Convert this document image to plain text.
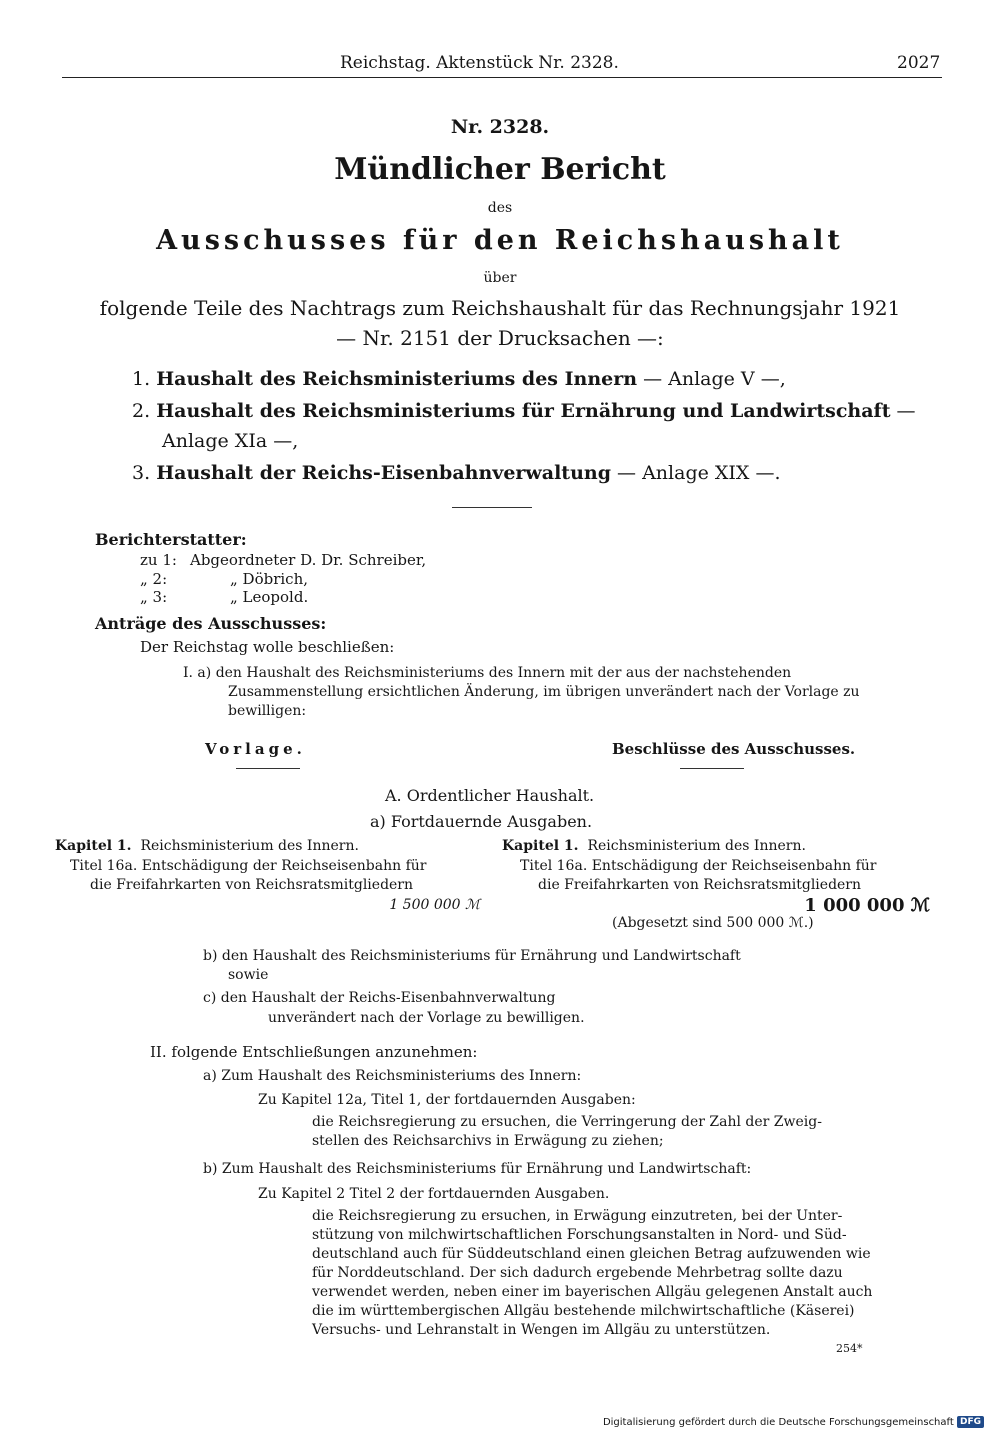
Reichstag. Aktenstück Nr. 2328.	2027
Nr. 2328.
Mündlicher Bericht
des
Ausschusses für den Reichshaushalt
über
folgende Teile des Nachtrags zum Reichshaushalt für das Rechnungsjahr 1921
— Nr. 2151 der Drucksachen —:
1. Haushalt des Reichsministeriums des Innern — Anlage V —,
2. Haushalt des Reichsministeriums für Ernährung und Landwirtschaft —
Anlage XIa —,
3. Haushalt der Reichs-Eisenbahnverwaltung — Anlage XIX —.
Berichterstatter:
zu 1: Abgeordneter D. Dr. Schreiber,
„ 2:	„ Döbrich,
„ 3:	„ Leopold.
Anträge des Ausschusses:
Der Reichstag wolle beschließen:
I. a) den Haushalt des Reichsministeriums des Innern mit der aus der nachstehenden
Zusammenstellung ersichtlichen Änderung, im übrigen unverändert nach der Vorlage zu
bewilligen:
Vorlage.	Beschlüsse des Ausschusses.
A. Ordentlicher Haushalt.
a) Fortdauernde Ausgaben.
Kapitel 1. Reichsministerium des Innern.
Titel 16a. Entschädigung der Reichseisenbahn für
die Freifahrkarten von Reichsratsmitgliedern
1 500 000 ℳ
Kapitel 1. Reichsministerium des Innern.
Titel 16a. Entschädigung der Reichseisenbahn für
die Freifahrkarten von Reichsratsmitgliedern
1 000 000 ℳ
(Abgesetzt sind 500 000 ℳ.)
b) den Haushalt des Reichsministeriums für Ernährung und Landwirtschaft
sowie
c) den Haushalt der Reichs-Eisenbahnverwaltung
unverändert nach der Vorlage zu bewilligen.
II. folgende Entschließungen anzunehmen:
a) Zum Haushalt des Reichsministeriums des Innern:
Zu Kapitel 12a, Titel 1, der fortdauernden Ausgaben:
die Reichsregierung zu ersuchen, die Verringerung der Zahl der Zweig-
stellen des Reichsarchivs in Erwägung zu ziehen;
b) Zum Haushalt des Reichsministeriums für Ernährung und Landwirtschaft:
Zu Kapitel 2 Titel 2 der fortdauernden Ausgaben.
die Reichsregierung zu ersuchen, in Erwägung einzutreten, bei der Unter-
stützung von milchwirtschaftlichen Forschungsanstalten in Nord- und Süd-
deutschland auch für Süddeutschland einen gleichen Betrag aufzuwenden wie
für Norddeutschland. Der sich dadurch ergebende Mehrbetrag sollte dazu
verwendet werden, neben einer im bayerischen Allgäu gelegenen Anstalt auch
die im württembergischen Allgäu bestehende milchwirtschaftliche (Käserei)
Versuchs- und Lehranstalt in Wengen im Allgäu zu unterstützen.
254*
Digitalisierung gefördert durch die Deutsche Forschungsgemeinschaft DFG
